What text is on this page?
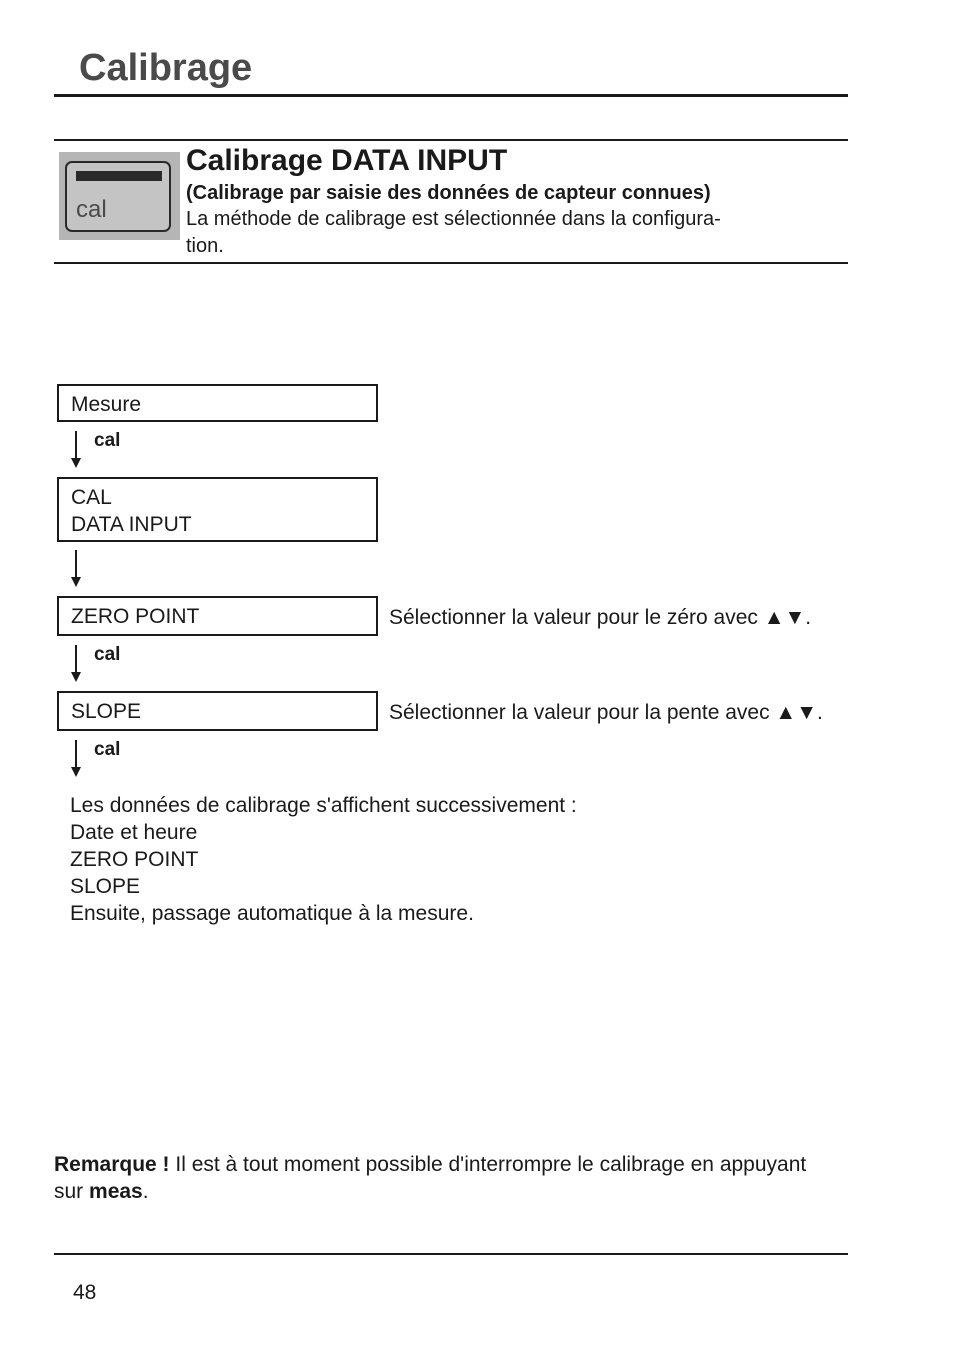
Calibrage
cal
Calibrage DATA INPUT
(Calibrage par saisie des données de capteur connues)
La méthode de calibrage est sélectionnée dans la configura-
tion.
Mesure
cal
CAL
DATA INPUT
ZERO POINT	Sélectionner la valeur pour le zéro avec ▲▼.
cal
SLOPE	Sélectionner la valeur pour la pente avec ▲▼.
cal
Les données de calibrage s'affichent successivement :
Date et heure
ZERO POINT
SLOPE
Ensuite, passage automatique à la mesure.
Remarque ! Il est à tout moment possible d'interrompre le calibrage en appuyant sur meas.
48
